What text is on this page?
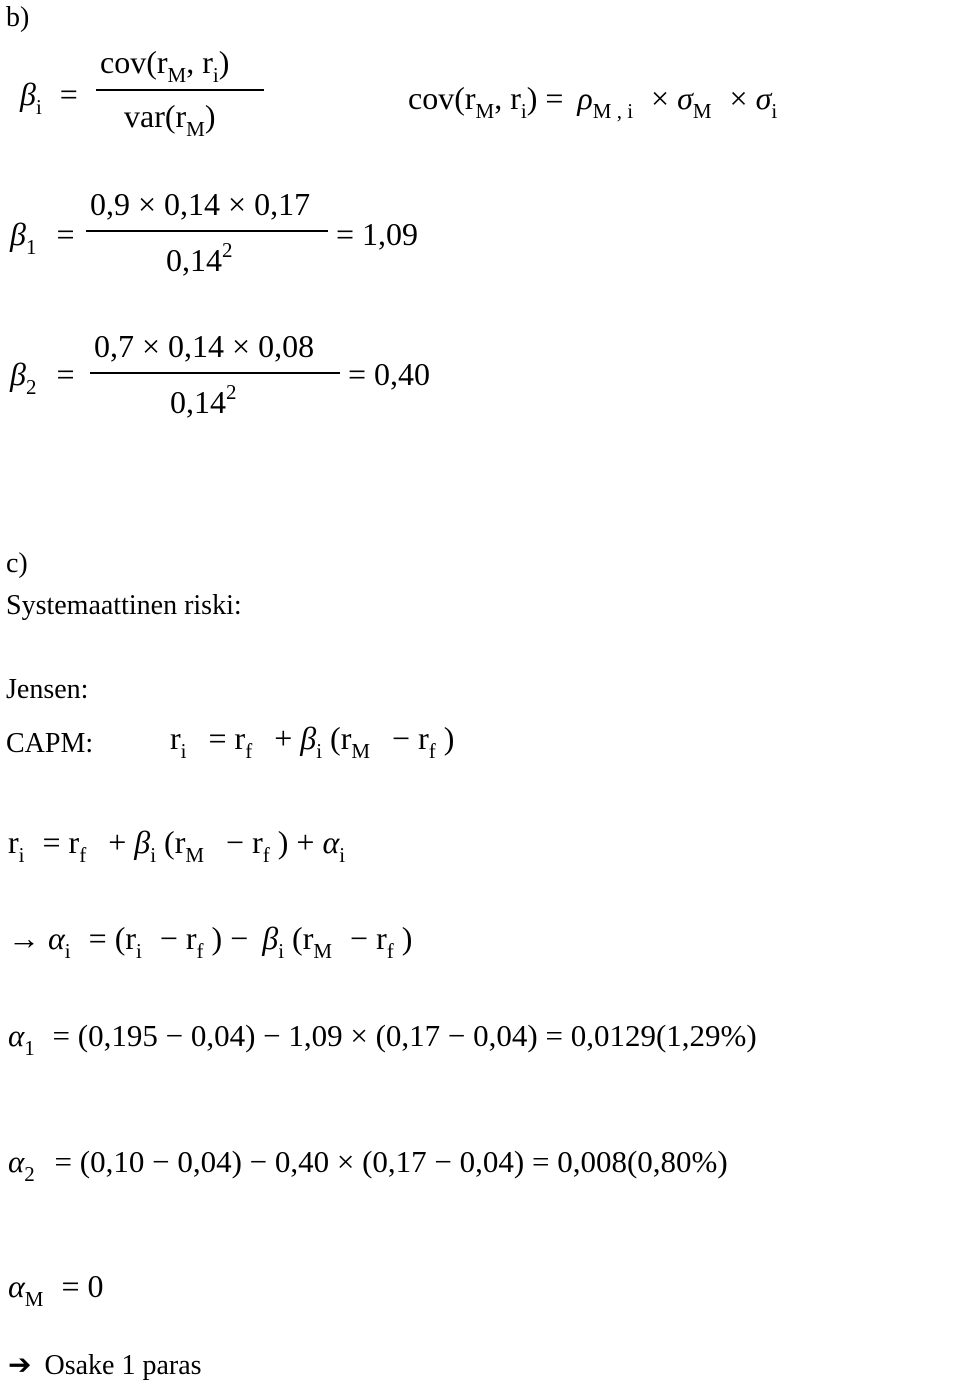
b)
$\beta_i$ =
$cov(r_M$, $r_i$)
$var(r_M)$	$cov(r_M$, $r_i) = \rho_{M , i} \times \sigma_M \times \sigma_i$
$\beta_1$ =
0,9 × 0,14 × 0,17
$0,14^2$	= 1,09
$\beta_2$ =
0,7 × 0,14 × 0,08
$0,14^2$	= 0,40
c)
Systemaattinen riski:
Jensen:
CAPM: $r_i = r_f + \beta_i$ ($r_M - r_f$ )
$r_i = r_f + \beta_i$ ($r_M - r_f$ ) + $\alpha_i$
→ $\alpha_i = (r_i - r_f$ ) − $\beta_i$ ($r_M - r_f$ )
$\alpha_1 = (0,195 - 0,04) - 1,09 \times (0,17 - 0,04) = 0,0129(1,29\%)$
$\alpha_2 = (0,10 - 0,04) - 0,40 \times (0,17 - 0,04) = 0,008(0,80\%)$
$\alpha_M = 0$
➔ Osake 1 paras
